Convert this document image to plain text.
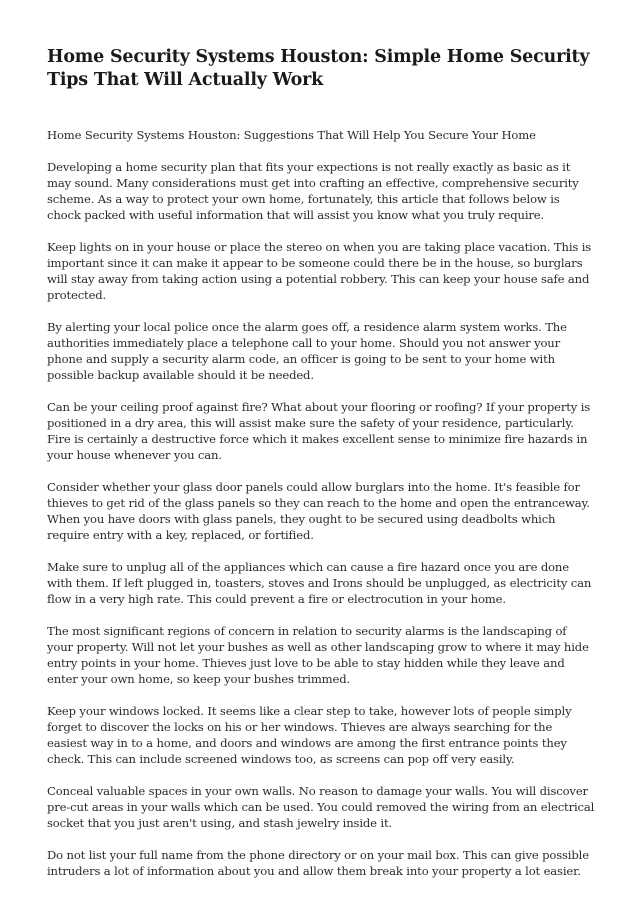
Home Security Systems Houston: Simple Home Security Tips That Will Actually Work

Home Security Systems Houston: Suggestions That Will Help You Secure Your Home

Developing a home security plan that fits your expections is not really exactly as basic as it may sound. Many considerations must get into crafting an effective, comprehensive security scheme. As a way to protect your own home, fortunately, this article that follows below is chock packed with useful information that will assist you know what you truly require.

Keep lights on in your house or place the stereo on when you are taking place vacation. This is important since it can make it appear to be someone could there be in the house, so burglars will stay away from taking action using a potential robbery. This can keep your house safe and protected.

By alerting your local police once the alarm goes off, a residence alarm system works. The authorities immediately place a telephone call to your home. Should you not answer your phone and supply a security alarm code, an officer is going to be sent to your home with possible backup available should it be needed.

Can be your ceiling proof against fire? What about your flooring or roofing? If your property is positioned in a dry area, this will assist make sure the safety of your residence, particularly. Fire is certainly a destructive force which it makes excellent sense to minimize fire hazards in your house whenever you can.

Consider whether your glass door panels could allow burglars into the home. It's feasible for thieves to get rid of the glass panels so they can reach to the home and open the entranceway. When you have doors with glass panels, they ought to be secured using deadbolts which require entry with a key, replaced, or fortified.

Make sure to unplug all of the appliances which can cause a fire hazard once you are done with them. If left plugged in, toasters, stoves and Irons should be unplugged, as electricity can flow in a very high rate. This could prevent a fire or electrocution in your home.

The most significant regions of concern in relation to security alarms is the landscaping of your property. Will not let your bushes as well as other landscaping grow to where it may hide entry points in your home. Thieves just love to be able to stay hidden while they leave and enter your own home, so keep your bushes trimmed.

Keep your windows locked. It seems like a clear step to take, however lots of people simply forget to discover the locks on his or her windows. Thieves are always searching for the easiest way in to a home, and doors and windows are among the first entrance points they check. This can include screened windows too, as screens can pop off very easily.

Conceal valuable spaces in your own walls. No reason to damage your walls. You will discover pre-cut areas in your walls which can be used. You could removed the wiring from an electrical socket that you just aren't using, and stash jewelry inside it.

Do not list your full name from the phone directory or on your mail box. This can give possible intruders a lot of information about you and allow them break into your property a lot easier.
